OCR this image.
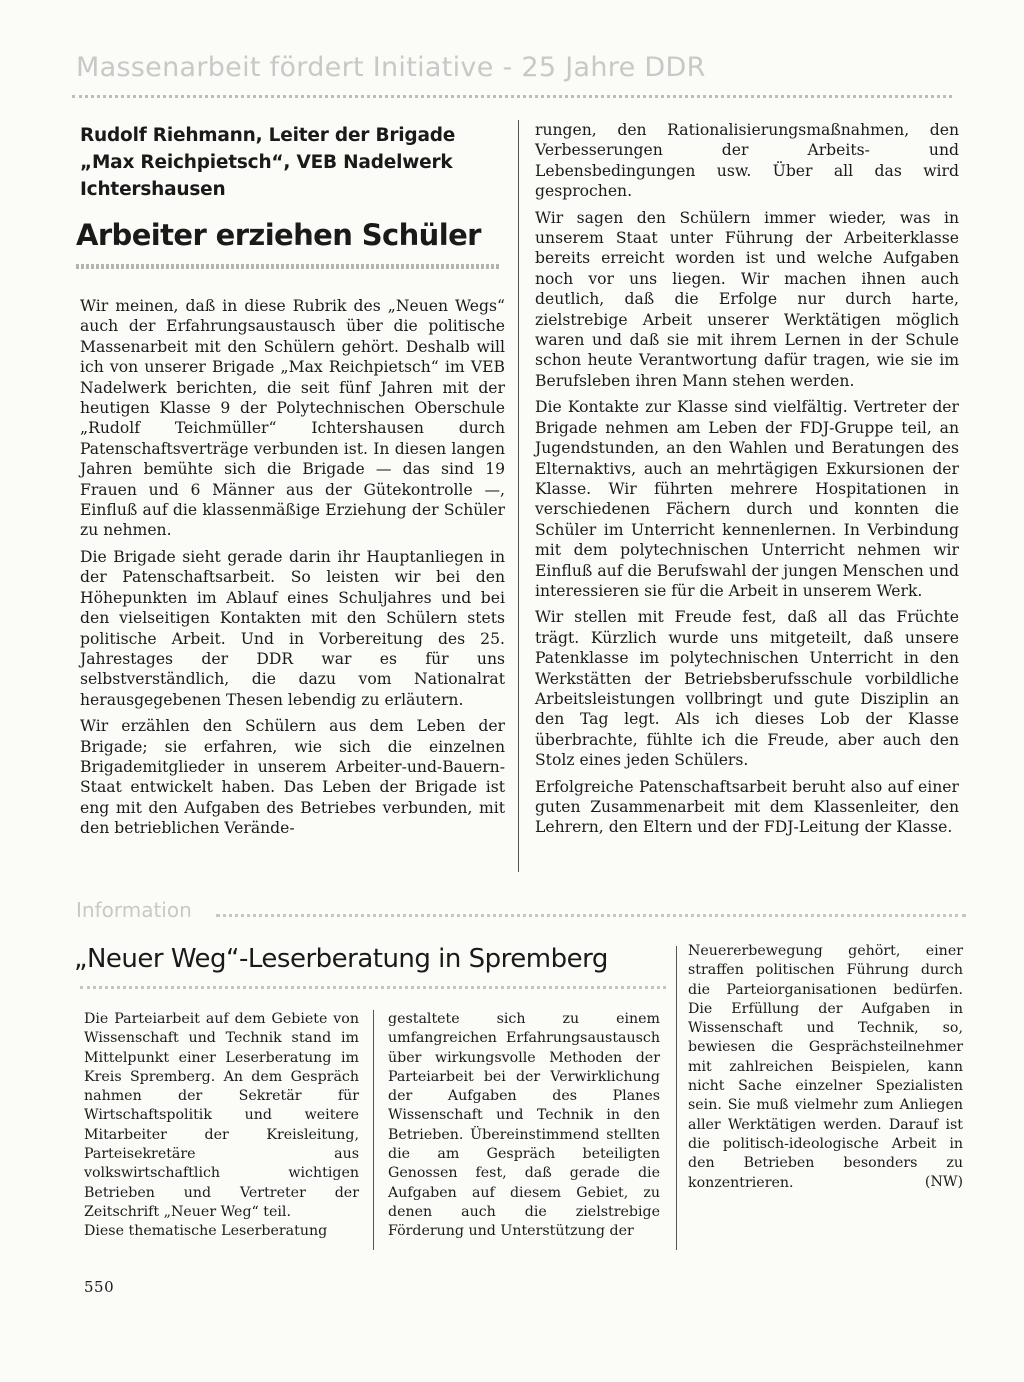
Massenarbeit fördert Initiative - 25 Jahre DDR
Rudolf Riehmann, Leiter der Brigade
„Max Reichpietsch“, VEB Nadelwerk
Ichtershausen
Arbeiter erziehen Schüler

Wir meinen, daß in diese Rubrik des „Neuen Wegs“ auch der Erfahrungsaustausch über die politische Massenarbeit mit den Schülern gehört. Deshalb will ich von unserer Brigade „Max Reichpietsch“ im VEB Nadelwerk berichten, die seit fünf Jahren mit der heutigen Klasse 9 der Polytechnischen Oberschule „Rudolf Teichmüller“ Ichtershausen durch Patenschaftsverträge verbunden ist. In diesen langen Jahren bemühte sich die Brigade — das sind 19 Frauen und 6 Männer aus der Gütekontrolle —, Einfluß auf die klassenmäßige Erziehung der Schüler zu nehmen.

Die Brigade sieht gerade darin ihr Hauptanliegen in der Patenschaftsarbeit. So leisten wir bei den Höhepunkten im Ablauf eines Schuljahres und bei den vielseitigen Kontakten mit den Schülern stets politische Arbeit. Und in Vorbereitung des 25. Jahrestages der DDR war es für uns selbstverständlich, die dazu vom Nationalrat herausgegebenen Thesen lebendig zu erläutern.

Wir erzählen den Schülern aus dem Leben der Brigade; sie erfahren, wie sich die einzelnen Brigademitglieder in unserem Arbeiter-und-Bauern-Staat entwickelt haben. Das Leben der Brigade ist eng mit den Aufgaben des Betriebes verbunden, mit den betrieblichen Verände-

rungen, den Rationalisierungsmaßnahmen, den Verbesserungen der Arbeits- und Lebensbedingungen usw. Über all das wird gesprochen.

Wir sagen den Schülern immer wieder, was in unserem Staat unter Führung der Arbeiterklasse bereits erreicht worden ist und welche Aufgaben noch vor uns liegen. Wir machen ihnen auch deutlich, daß die Erfolge nur durch harte, zielstrebige Arbeit unserer Werktätigen möglich waren und daß sie mit ihrem Lernen in der Schule schon heute Verantwortung dafür tragen, wie sie im Berufsleben ihren Mann stehen werden.

Die Kontakte zur Klasse sind vielfältig. Vertreter der Brigade nehmen am Leben der FDJ-Gruppe teil, an Jugendstunden, an den Wahlen und Beratungen des Elternaktivs, auch an mehrtägigen Exkursionen der Klasse. Wir führten mehrere Hospitationen in verschiedenen Fächern durch und konnten die Schüler im Unterricht kennenlernen. In Verbindung mit dem polytechnischen Unterricht nehmen wir Einfluß auf die Berufswahl der jungen Menschen und interessieren sie für die Arbeit in unserem Werk.

Wir stellen mit Freude fest, daß all das Früchte trägt. Kürzlich wurde uns mitgeteilt, daß unsere Patenklasse im polytechnischen Unterricht in den Werkstätten der Betriebsberufsschule vorbildliche Arbeitsleistungen vollbringt und gute Disziplin an den Tag legt. Als ich dieses Lob der Klasse überbrachte, fühlte ich die Freude, aber auch den Stolz eines jeden Schülers.

Erfolgreiche Patenschaftsarbeit beruht also auf einer guten Zusammenarbeit mit dem Klassenleiter, den Lehrern, den Eltern und der FDJ-Leitung der Klasse.

Information
„Neuer Weg“-Leserberatung in Spremberg

Die Parteiarbeit auf dem Gebiete von Wissenschaft und Technik stand im Mittelpunkt einer Leserberatung im Kreis Spremberg. An dem Gespräch nahmen der Sekretär für Wirtschaftspolitik und weitere Mitarbeiter der Kreisleitung, Parteisekretäre aus volkswirtschaftlich wichtigen Betrieben und Vertreter der Zeitschrift „Neuer Weg“ teil.

Diese thematische Leserberatung

gestaltete sich zu einem umfangreichen Erfahrungsaustausch über wirkungsvolle Methoden der Parteiarbeit bei der Verwirklichung der Aufgaben des Planes Wissenschaft und Technik in den Betrieben. Übereinstimmend stellten die am Gespräch beteiligten Genossen fest, daß gerade die Aufgaben auf diesem Gebiet, zu denen auch die zielstrebige Förderung und Unterstützung der

Neuererbewegung gehört, einer straffen politischen Führung durch die Parteiorganisationen bedürfen. Die Erfüllung der Aufgaben in Wissenschaft und Technik, so, bewiesen die Gesprächsteilnehmer mit zahlreichen Beispielen, kann nicht Sache einzelner Spezialisten sein. Sie muß vielmehr zum Anliegen aller Werktätigen werden. Darauf ist die politisch-ideologische Arbeit in den Betrieben besonders zu konzentrieren.	(NW)
550
